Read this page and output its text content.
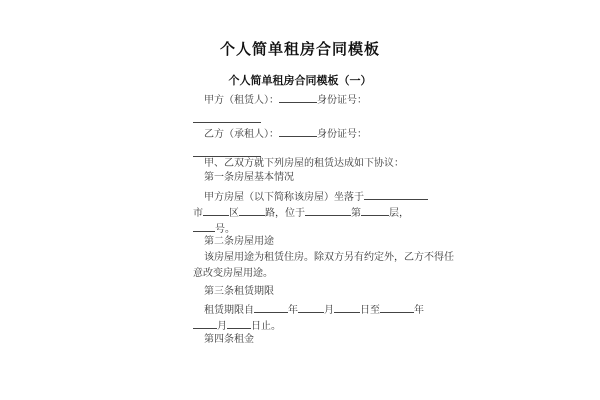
个人简单租房合同模板
个人简单租房合同模板（一）
甲方（租赁人）：	身份证号：
乙方（承租人）：	身份证号：
甲、乙双方就下列房屋的租赁达成如下协议：
第一条房屋基本情况
甲方房屋（以下简称该房屋）坐落于
市	区	路，位于	第	层，
号。
第二条房屋用途
该房屋用途为租赁住房。除双方另有约定外，乙方不得任
意改变房屋用途。
第三条租赁期限
租赁期限自	年	月	日至	年
月 日止。
第四条租金
